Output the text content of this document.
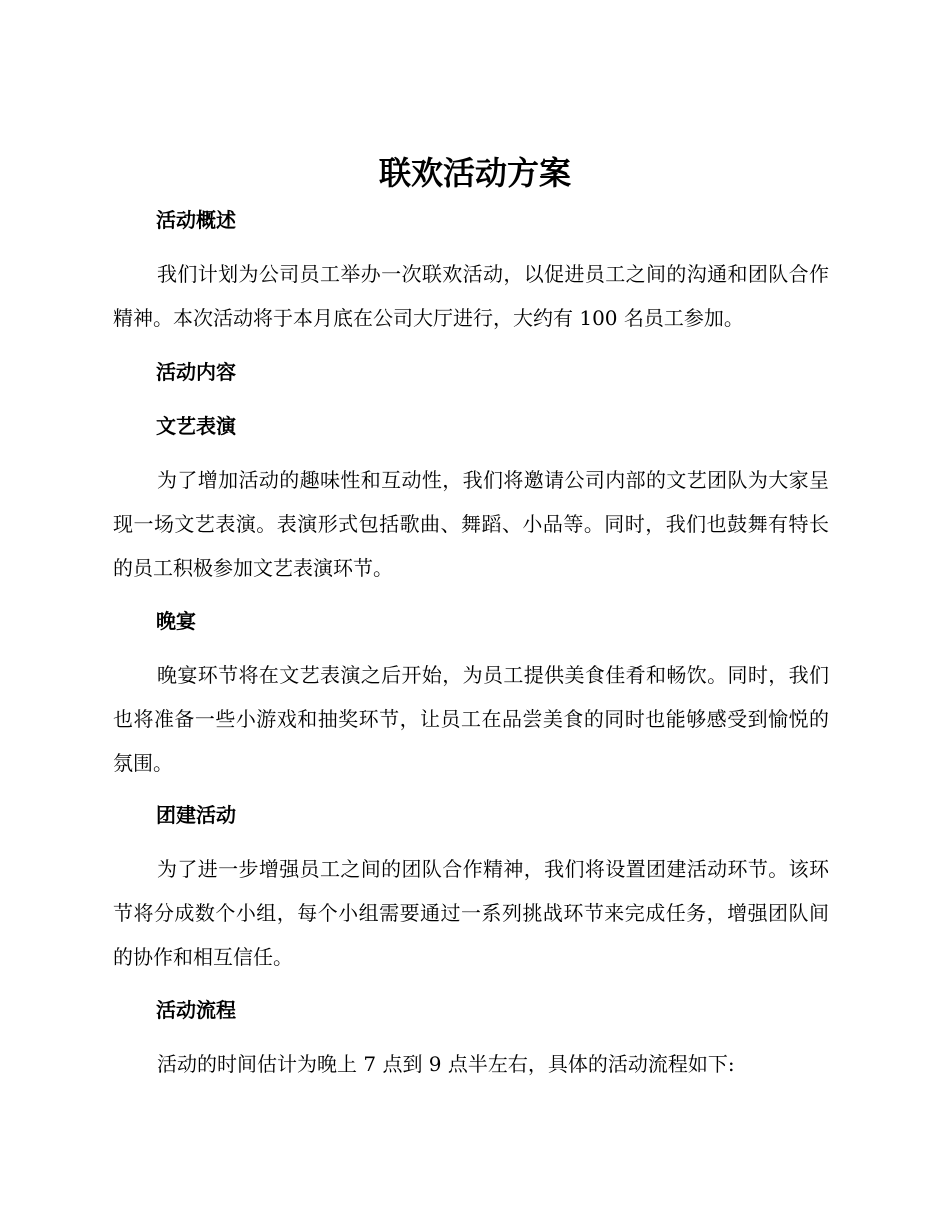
联欢活动方案
活动概述

我们计划为公司员工举办一次联欢活动，以促进员工之间的沟通和团队合作精神。本次活动将于本月底在公司大厅进行，大约有 100 名员工参加。

活动内容
文艺表演

为了增加活动的趣味性和互动性，我们将邀请公司内部的文艺团队为大家呈现一场文艺表演。表演形式包括歌曲、舞蹈、小品等。同时，我们也鼓舞有特长的员工积极参加文艺表演环节。

晚宴

晚宴环节将在文艺表演之后开始，为员工提供美食佳肴和畅饮。同时，我们也将准备一些小游戏和抽奖环节，让员工在品尝美食的同时也能够感受到愉悦的氛围。

团建活动

为了进一步增强员工之间的团队合作精神，我们将设置团建活动环节。该环节将分成数个小组，每个小组需要通过一系列挑战环节来完成任务，增强团队间的协作和相互信任。

活动流程

活动的时间估计为晚上 7 点到 9 点半左右，具体的活动流程如下:
